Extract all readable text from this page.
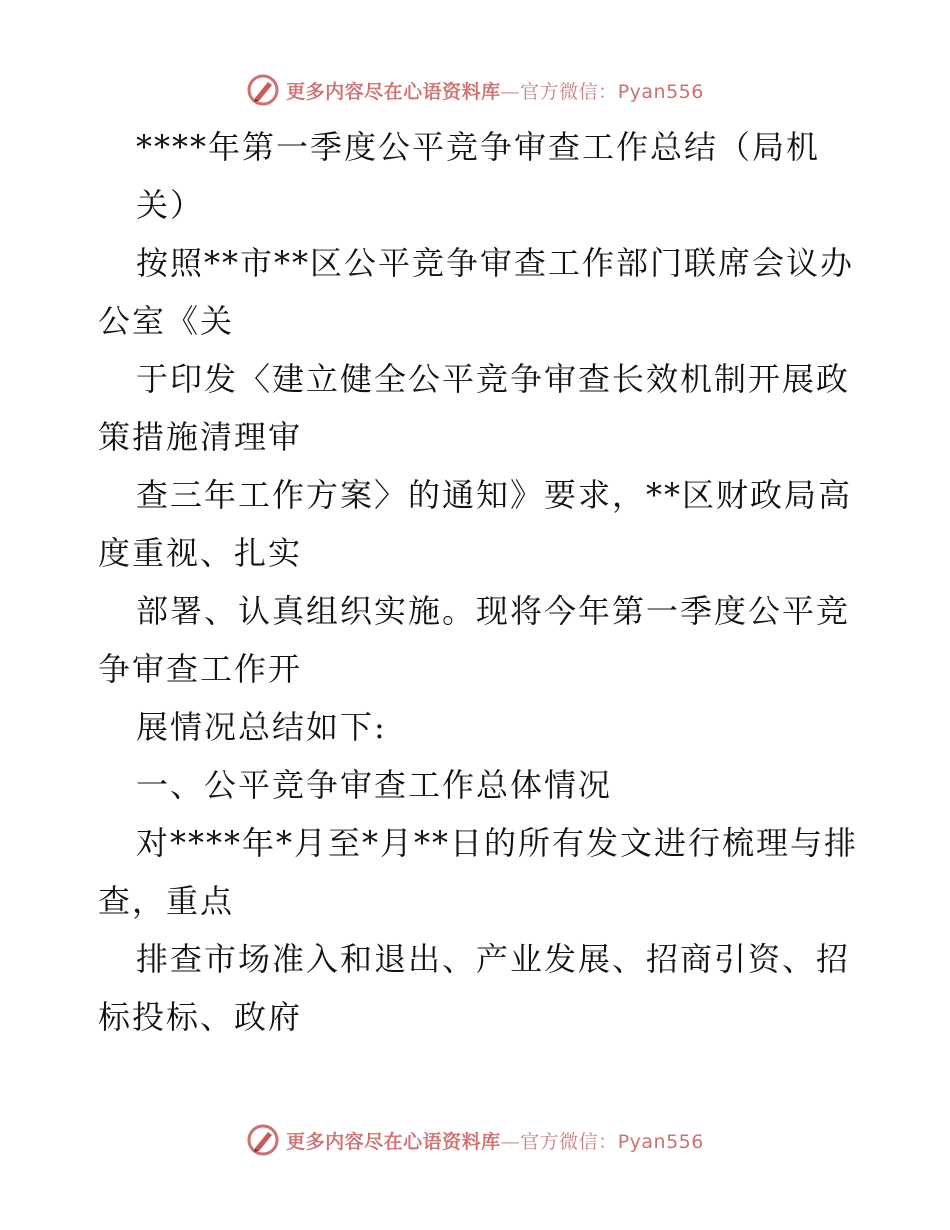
更多内容尽在心语资料库—官方微信：Pyan556
****年第一季度公平竞争审查工作总结（局机
关）
按照**市**区公平竞争审查工作部门联席会议办
公室《关
于印发〈建立健全公平竞争审查长效机制开展政
策措施清理审
查三年工作方案〉的通知》要求，**区财政局高
度重视、扎实
部署、认真组织实施。现将今年第一季度公平竞
争审查工作开
展情况总结如下:
一、公平竞争审查工作总体情况
对****年*月至*月**日的所有发文进行梳理与排
查，重点
排查市场准入和退出、产业发展、招商引资、招
标投标、政府
更多内容尽在心语资料库—官方微信：Pyan556
